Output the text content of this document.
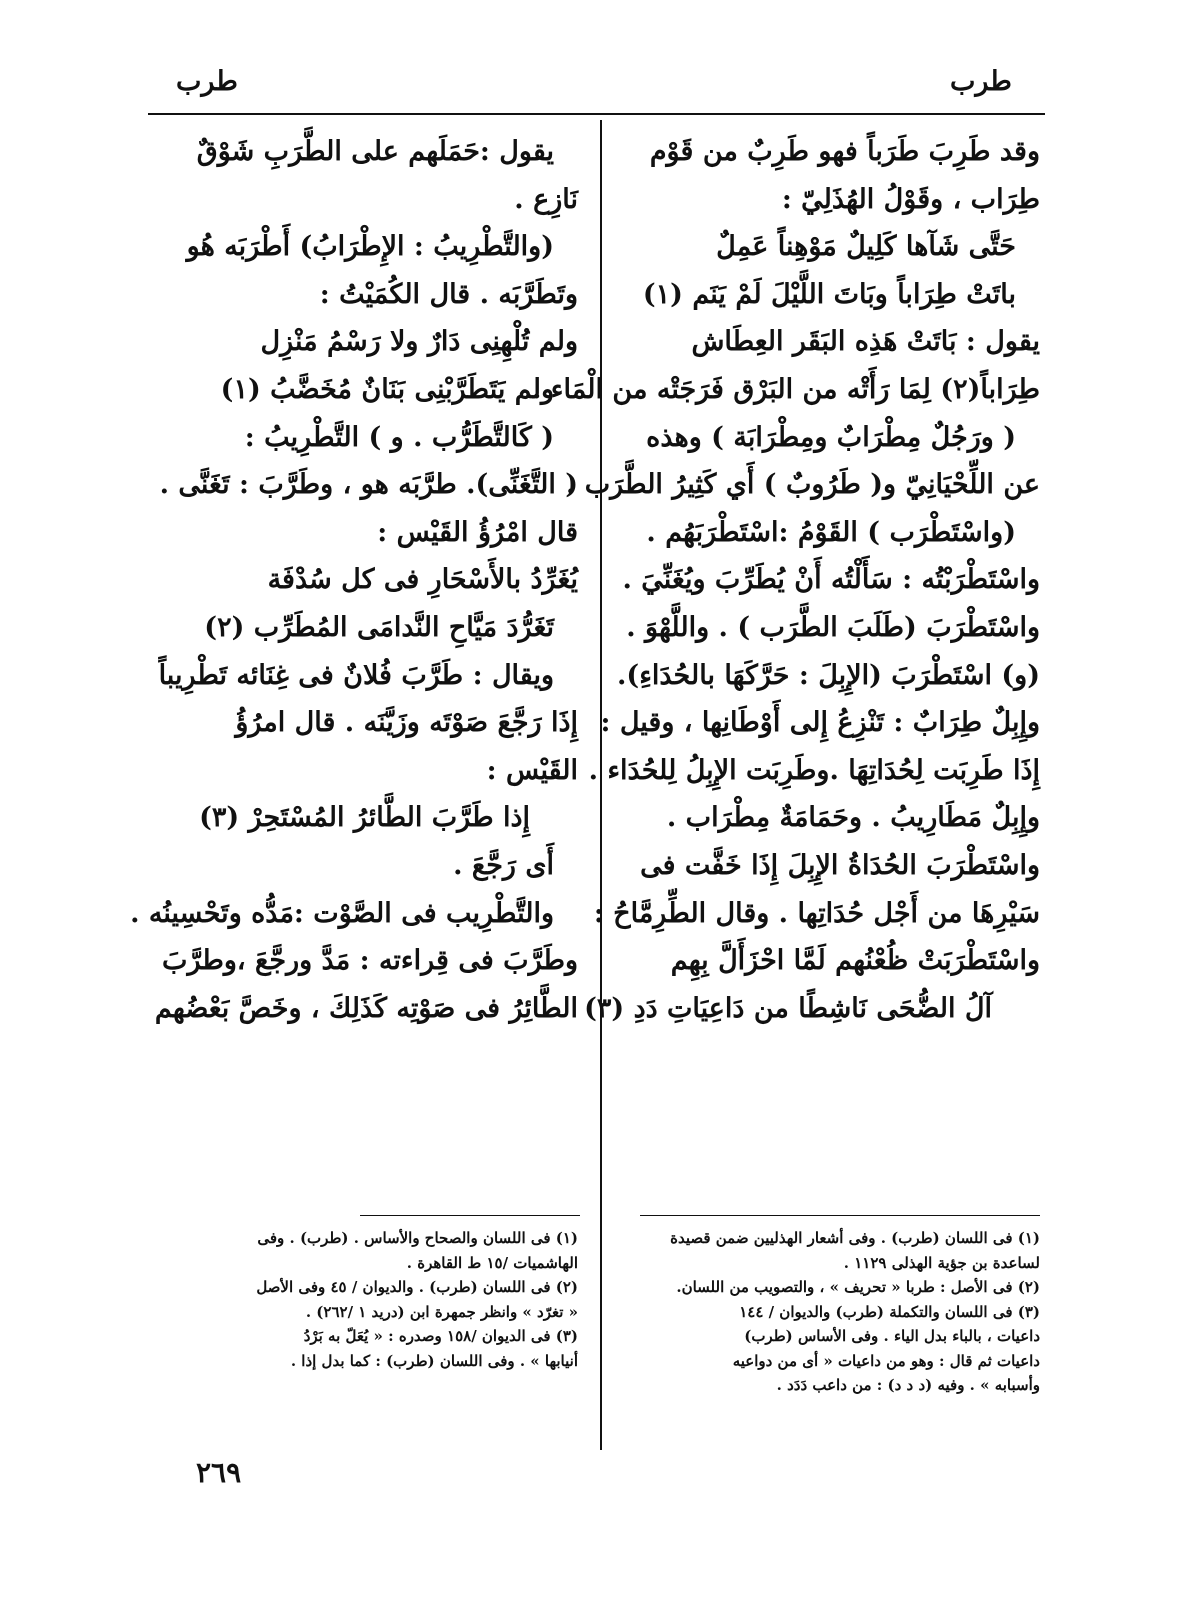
طرب	طرب
وقد طَرِبَ طَرَباً فهو طَرِبٌ من قَوْم
طِرَاب ، وقَوْلُ الهُذَلِيّ :
حَتَّى شَآها كَلِيلٌ مَوْهِناً عَمِلٌ
باتَتْ طِرَاباً وبَاتَ اللَّيْلَ لَمْ يَنَم (١)
يقول : بَاتَتْ هَذِه البَقَر العِطَاش
طِرَاباً(٢) لِمَا رَأَتْه من البَرْق فَرَجَتْه من الْمَاء .
( ورَجُلٌ مِطْرَابٌ ومِطْرَابَة ) وهذه
عن اللِّحْيَانِيّ و( طَرُوبٌ ) أَي كَثِيرُ الطَّرَب .
(واسْتَطْرَب ) القَوْمُ :اسْتَطْرَبَهُم .
واسْتَطْرَبْتُه : سَأَلْتُه أَنْ يُطَرِّبَ ويُغَنِّيَ .
واسْتَطْرَبَ (طَلَبَ الطَّرَب ) . واللَّهْوَ .
(و) اسْتَطْرَبَ (الإِبِلَ : حَرَّكَهَا بالحُدَاءِ).
وإِبِلٌ طِرَابٌ : تَنْزِعُ إِلى أَوْطَانِها ، وقيل :
إِذَا طَرِبَت لِحُدَاتِهَا .وطَرِبَت الإِبِلُ لِلحُدَاء .
وإِبِلٌ مَطَارِيبُ . وحَمَامَةٌ مِطْرَاب .
واسْتَطْرَبَ الحُدَاةُ الإِبِلَ إِذَا خَفَّت فى
سَيْرِهَا من أَجْل حُدَاتِها . وقال الطِّرِمَّاحُ :
واسْتَطْرَبَتْ ظُعْنُهم لَمَّا احْزَأَلَّ بِهِم
آلُ الضُّحَى نَاشِطًا من دَاعِيَاتِ دَدِ (٣)
يقول :حَمَلَهم على الطَّرَبِ شَوْقٌ
نَازِع .
(والتَّطْرِيبُ : الإِطْرَابُ) أَطْرَبَه هُو
وتَطَرَّبَه . قال الكُمَيْتُ :
ولم تُلْهِنِى دَارٌ ولا رَسْمُ مَنْزِل
ولم يَتَطَرَّبْنِى بَنَانٌ مُخَضَّبُ (١)
( كَالتَّطَرُّب . و ) التَّطْرِيبُ :
( التَّغَنِّى). طرَّبَه هو ، وطَرَّبَ : تَغَنَّى .
قال امْرُؤُ القَيْس :
يُغَرِّدُ بالأَسْحَارِ فى كل سُدْفَة
تَغَرُّدَ مَيَّاحِ النَّدامَى المُطَرِّب (٢)
ويقال : طَرَّبَ فُلانٌ فى غِنَائه تَطْرِيباً
إِذَا رَجَّعَ صَوْتَه وزَيَّنَه . قال امرُؤُ
القَيْس :
إِذا طَرَّبَ الطَّائرُ المُسْتَحِرْ (٣)
أَى رَجَّعَ .
والتَّطْرِيب فى الصَّوْت :مَدُّه وتَحْسِينُه .
وطَرَّبَ فى قِراءته : مَدَّ ورجَّعَ ،وطرَّبَ
الطَّائِرُ فى صَوْتِه كَذَلِكَ ، وخَصَّ بَعْضُهم
(١) فى اللسان (طرب) . وفى أشعار الهذليين ضمن قصيدة
لساعدة بن جؤية الهذلى ١١٢٩ .
(٢) فى الأصل : طربا « تحريف » ، والتصويب من اللسان.
(٣) فى اللسان والتكملة (طرب) والديوان / ١٤٤
داعيات ، بالباء بدل الياء . وفى الأساس (طرب)
داعيات ثم قال : وهو من داعيات « أى من دواعيه
وأسبابه » . وفيه (د د د) : من داعب دَدَد .
(١) فى اللسان والصحاح والأساس . (طرب) . وفى
الهاشميات /١٥ ط القاهرة .
(٢) فى اللسان (طرب) . والديوان / ٤٥ وفى الأصل
« تغرّد » وانظر جمهرة ابن (دريد ١ /٢٦٢) .
(٣) فى الديوان /١٥٨ وصدره : « يُعَلّ به بَرْدُ
أنيابها » . وفى اللسان (طرب) : كما بدل إذا .
٢٦٩
